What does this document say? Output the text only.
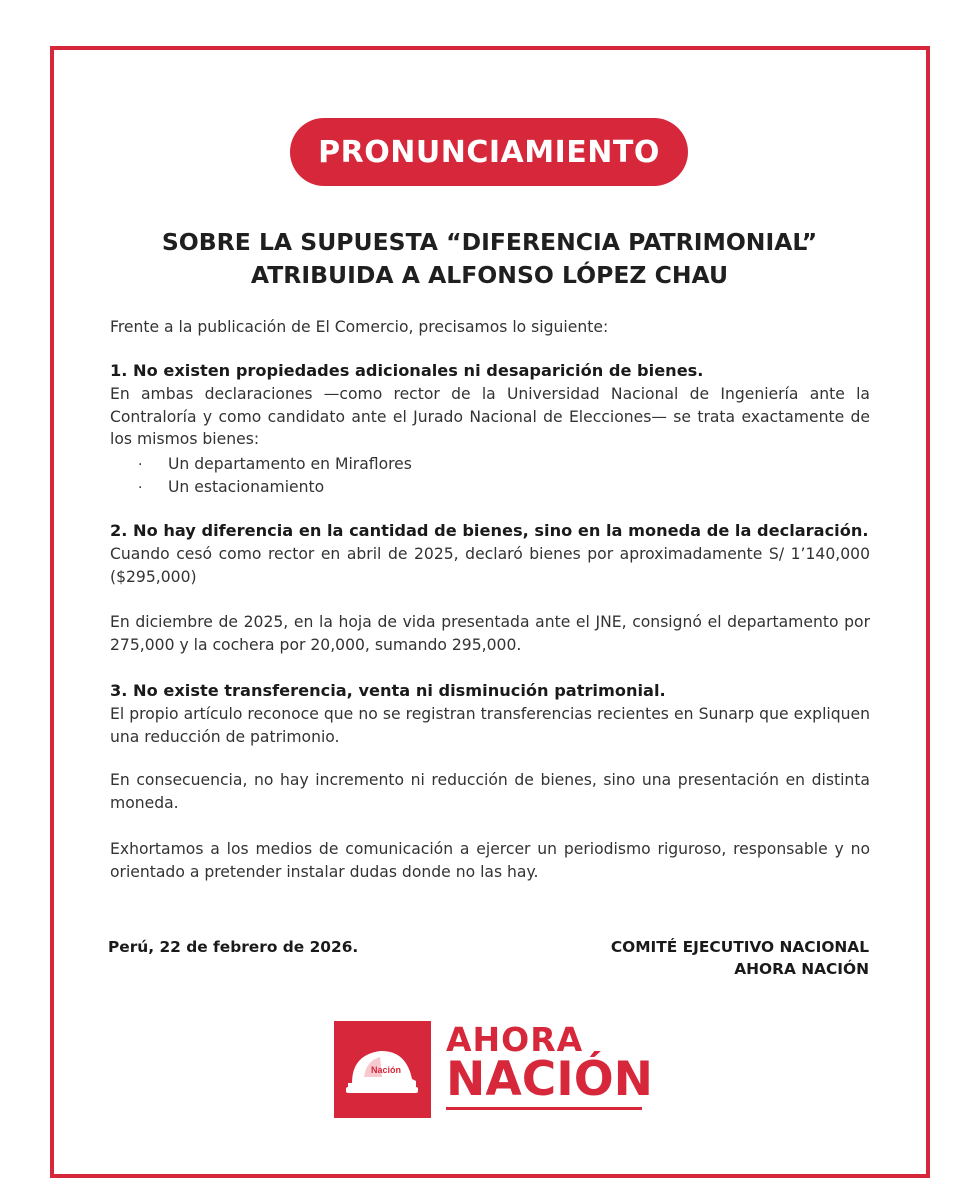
PRONUNCIAMIENTO
SOBRE LA SUPUESTA “DIFERENCIA PATRIMONIAL”
ATRIBUIDA A ALFONSO LÓPEZ CHAU
Frente a la publicación de El Comercio, precisamos lo siguiente:
1. No existen propiedades adicionales ni desaparición de bienes.
En ambas declaraciones —como rector de la Universidad Nacional de Ingeniería ante la Contraloría y como candidato ante el Jurado Nacional de Elecciones— se trata exactamente de los mismos bienes:
· Un departamento en Miraflores
· Un estacionamiento
2. No hay diferencia en la cantidad de bienes, sino en la moneda de la declaración.
Cuando cesó como rector en abril de 2025, declaró bienes por aproximadamente S/ 1’140,000 ($295,000)
En diciembre de 2025, en la hoja de vida presentada ante el JNE, consignó el departamento por 275,000 y la cochera por 20,000, sumando 295,000.
3. No existe transferencia, venta ni disminución patrimonial.
El propio artículo reconoce que no se registran transferencias recientes en Sunarp que expliquen una reducción de patrimonio.
En consecuencia, no hay incremento ni reducción de bienes, sino una presentación en distinta moneda.
Exhortamos a los medios de comunicación a ejercer un periodismo riguroso, responsable y no orientado a pretender instalar dudas donde no las hay.
Perú, 22 de febrero de 2026.	COMITÉ EJECUTIVO NACIONAL
AHORA NACIÓN
Nación
AHORA
NACIÓN
